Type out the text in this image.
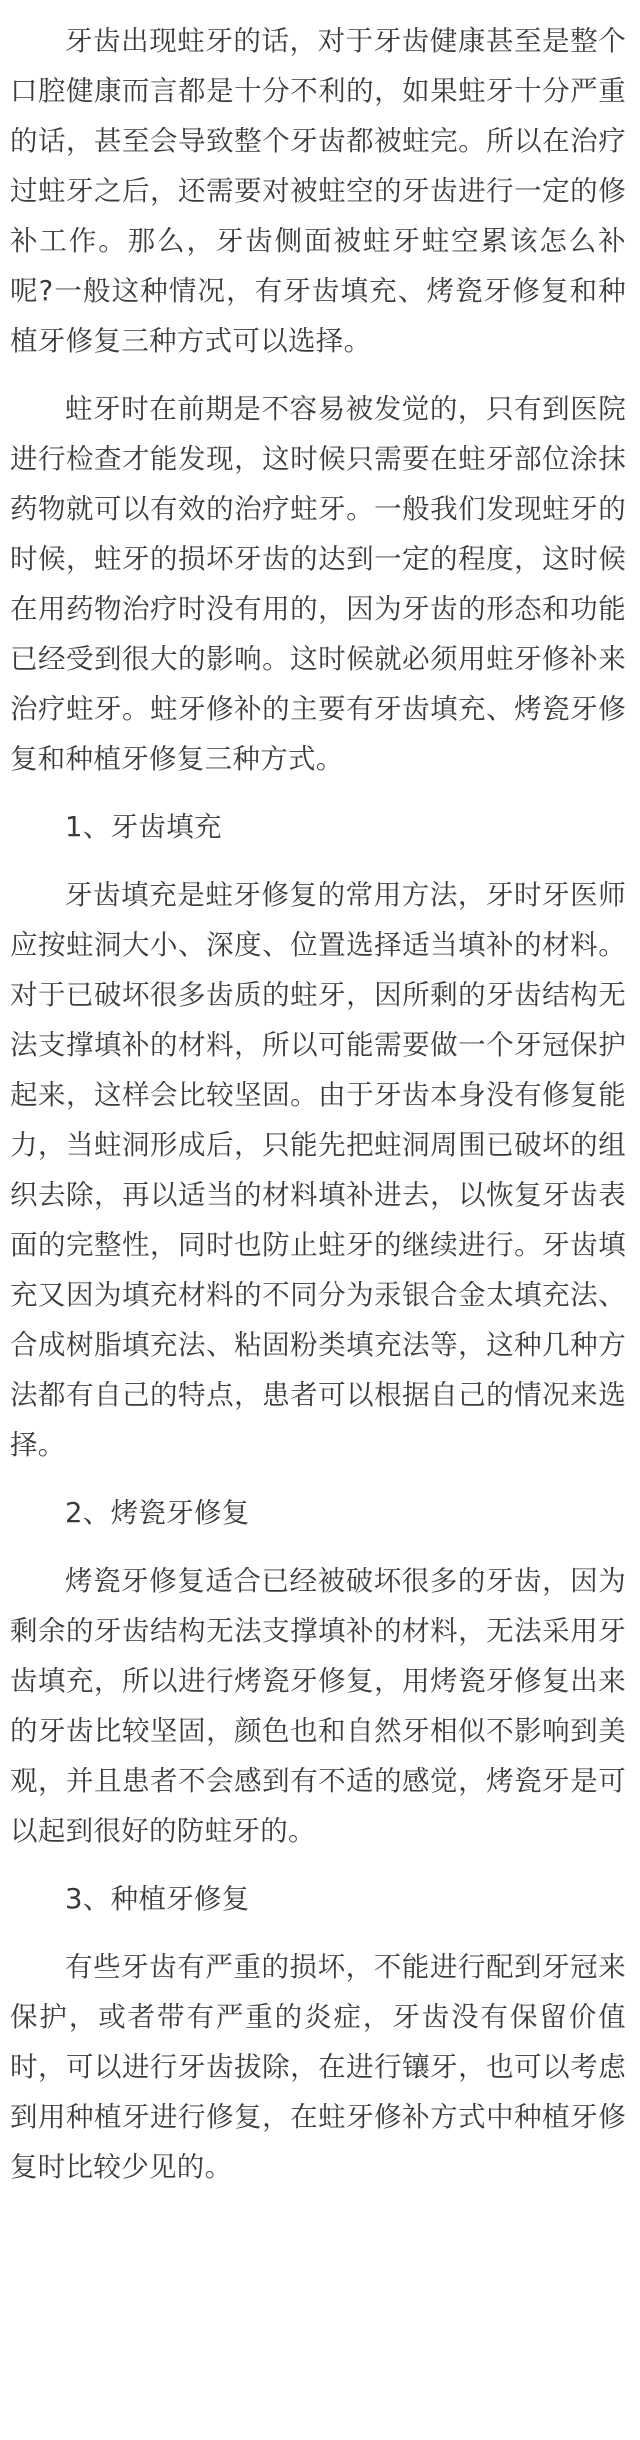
牙齿出现蛀牙的话，对于牙齿健康甚至是整个口腔健康而言都是十分不利的，如果蛀牙十分严重的话，甚至会导致整个牙齿都被蛀完。所以在治疗过蛀牙之后，还需要对被蛀空的牙齿进行一定的修补工作。那么，牙齿侧面被蛀牙蛀空累该怎么补呢?一般这种情况，有牙齿填充、烤瓷牙修复和种植牙修复三种方式可以选择。

蛀牙时在前期是不容易被发觉的，只有到医院进行检查才能发现，这时候只需要在蛀牙部位涂抹药物就可以有效的治疗蛀牙。一般我们发现蛀牙的时候，蛀牙的损坏牙齿的达到一定的程度，这时候在用药物治疗时没有用的，因为牙齿的形态和功能已经受到很大的影响。这时候就必须用蛀牙修补来治疗蛀牙。蛀牙修补的主要有牙齿填充、烤瓷牙修复和种植牙修复三种方式。

1、牙齿填充

牙齿填充是蛀牙修复的常用方法，牙时牙医师应按蛀洞大小、深度、位置选择适当填补的材料。对于已破坏很多齿质的蛀牙，因所剩的牙齿结构无法支撑填补的材料，所以可能需要做一个牙冠保护起来，这样会比较坚固。由于牙齿本身没有修复能力，当蛀洞形成后，只能先把蛀洞周围已破坏的组织去除，再以适当的材料填补进去，以恢复牙齿表面的完整性，同时也防止蛀牙的继续进行。牙齿填充又因为填充材料的不同分为汞银合金太填充法、合成树脂填充法、粘固粉类填充法等，这种几种方法都有自己的特点，患者可以根据自己的情况来选择。

2、烤瓷牙修复

烤瓷牙修复适合已经被破坏很多的牙齿，因为剩余的牙齿结构无法支撑填补的材料，无法采用牙齿填充，所以进行烤瓷牙修复，用烤瓷牙修复出来的牙齿比较坚固，颜色也和自然牙相似不影响到美观，并且患者不会感到有不适的感觉，烤瓷牙是可以起到很好的防蛀牙的。

3、种植牙修复

有些牙齿有严重的损坏，不能进行配到牙冠来保护，或者带有严重的炎症，牙齿没有保留价值时，可以进行牙齿拔除，在进行镶牙，也可以考虑到用种植牙进行修复，在蛀牙修补方式中种植牙修复时比较少见的。
